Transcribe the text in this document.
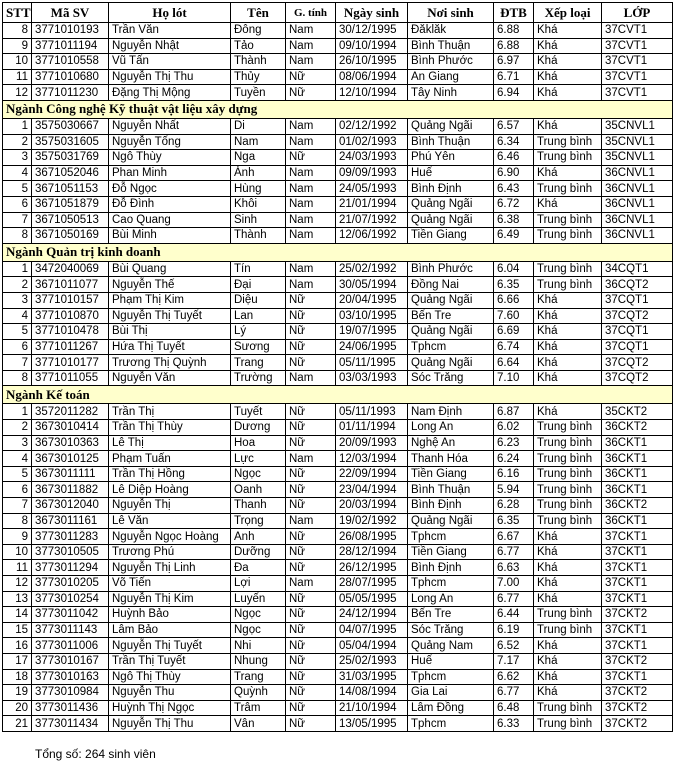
STT	Mã SV	Họ lót	Tên	G. tính	Ngày sinh	Nơi sinh	ĐTB	Xếp loại	LỚP
8	3771010193	Trần Văn	Đông	Nam	30/12/1995	Đăklăk	6.88	Khá	37CVT1
9	3771011194	Nguyễn Nhật	Tảo	Nam	09/10/1994	Bình Thuận	6.88	Khá	37CVT1
10	3771010558	Vũ Tấn	Thành	Nam	26/10/1995	Bình Phước	6.97	Khá	37CVT1
11	3771010680	Nguyễn Thị Thu	Thủy	Nữ	08/06/1994	An Giang	6.71	Khá	37CVT1
12	3771011230	Đặng Thị Mộng	Tuyền	Nữ	12/10/1994	Tây Ninh	6.94	Khá	37CVT1
Ngành Công nghệ Kỹ thuật vật liệu xây dựng									
1	3575030667	Nguyễn Nhất	Di	Nam	02/12/1992	Quảng Ngãi	6.57	Khá	35CNVL1
2	3575031605	Nguyễn Tống	Nam	Nam	01/02/1993	Bình Thuận	6.34	Trung bình	35CNVL1
3	3575031769	Ngô Thùy	Nga	Nữ	24/03/1993	Phú Yên	6.46	Trung bình	35CNVL1
4	3671052046	Phan Minh	Ánh	Nam	09/09/1993	Huế	6.90	Khá	36CNVL1
5	3671051153	Đỗ Ngọc	Hùng	Nam	24/05/1993	Bình Định	6.43	Trung bình	36CNVL1
6	3671051879	Đỗ Đình	Khôi	Nam	21/01/1994	Quảng Ngãi	6.72	Khá	36CNVL1
7	3671050513	Cao Quang	Sinh	Nam	21/07/1992	Quảng Ngãi	6.38	Trung bình	36CNVL1
8	3671050169	Bùi Minh	Thành	Nam	12/06/1992	Tiền Giang	6.49	Trung bình	36CNVL1
Ngành Quản trị kinh doanh									
1	3472040069	Bùi Quang	Tín	Nam	25/02/1992	Bình Phước	6.04	Trung bình	34CQT1
2	3671011077	Nguyễn Thế	Đại	Nam	30/05/1994	Đồng Nai	6.35	Trung bình	36CQT2
3	3771010157	Phạm Thị Kim	Diệu	Nữ	20/04/1995	Quảng Ngãi	6.66	Khá	37CQT1
4	3771010870	Nguyễn Thị Tuyết	Lan	Nữ	03/10/1995	Bến Tre	7.60	Khá	37CQT2
5	3771010478	Bùi Thị	Lý	Nữ	19/07/1995	Quảng Ngãi	6.69	Khá	37CQT1
6	3771011267	Hứa Thị Tuyết	Sương	Nữ	24/06/1995	Tphcm	6.74	Khá	37CQT1
7	3771010177	Trương Thị Quỳnh	Trang	Nữ	05/11/1995	Quảng Ngãi	6.64	Khá	37CQT2
8	3771011055	Nguyễn Văn	Trường	Nam	03/03/1993	Sóc Trăng	7.10	Khá	37CQT2
Ngành Kế toán									
1	3572011282	Trần Thị	Tuyết	Nữ	05/11/1993	Nam Định	6.87	Khá	35CKT2
2	3673010414	Trần Thị Thùy	Dương	Nữ	01/11/1994	Long An	6.02	Trung bình	36CKT2
3	3673010363	Lê Thị	Hoa	Nữ	20/09/1993	Nghệ An	6.23	Trung bình	36CKT1
4	3673010125	Phạm Tuấn	Lực	Nam	12/03/1994	Thanh Hóa	6.24	Trung bình	36CKT1
5	3673011111	Trần Thị Hồng	Ngọc	Nữ	22/09/1994	Tiền Giang	6.16	Trung bình	36CKT1
6	3673011882	Lê Diệp Hoàng	Oanh	Nữ	23/04/1994	Bình Thuận	5.94	Trung bình	36CKT1
7	3673012040	Nguyễn Thị	Thanh	Nữ	20/03/1994	Bình Định	6.28	Trung bình	36CKT2
8	3673011161	Lê Văn	Trọng	Nam	19/02/1992	Quảng Ngãi	6.35	Trung bình	36CKT1
9	3773011283	Nguyễn Ngọc Hoàng	Anh	Nữ	26/08/1995	Tphcm	6.67	Khá	37CKT1
10	3773010505	Trương Phú	Dưỡng	Nữ	28/12/1994	Tiền Giang	6.77	Khá	37CKT1
11	3773011294	Nguyễn Thị Linh	Đa	Nữ	26/12/1995	Bình Định	6.63	Khá	37CKT1
12	3773010205	Võ Tiến	Lợi	Nam	28/07/1995	Tphcm	7.00	Khá	37CKT1
13	3773010254	Nguyễn Thị Kim	Luyến	Nữ	05/05/1995	Long An	6.77	Khá	37CKT1
14	3773011042	Huỳnh Bảo	Ngọc	Nữ	24/12/1994	Bến Tre	6.44	Trung bình	37CKT2
15	3773011143	Lâm Bảo	Ngọc	Nữ	04/07/1995	Sóc Trăng	6.19	Trung bình	37CKT1
16	3773011006	Nguyễn Thị Tuyết	Nhi	Nữ	05/04/1994	Quảng Nam	6.52	Khá	37CKT1
17	3773010167	Trần Thị Tuyết	Nhung	Nữ	25/02/1993	Huế	7.17	Khá	37CKT2
18	3773010163	Ngô Thị Thùy	Trang	Nữ	31/03/1995	Tphcm	6.62	Khá	37CKT1
19	3773010984	Nguyễn Thu	Quỳnh	Nữ	14/08/1994	Gia Lai	6.77	Khá	37CKT2
20	3773011436	Huỳnh Thị Ngọc	Trâm	Nữ	21/10/1994	Lâm Đồng	6.48	Trung bình	37CKT2
21	3773011434	Nguyễn Thị Thu	Vân	Nữ	13/05/1995	Tphcm	6.33	Trung bình	37CKT2
Tổng số: 264 sinh viên
